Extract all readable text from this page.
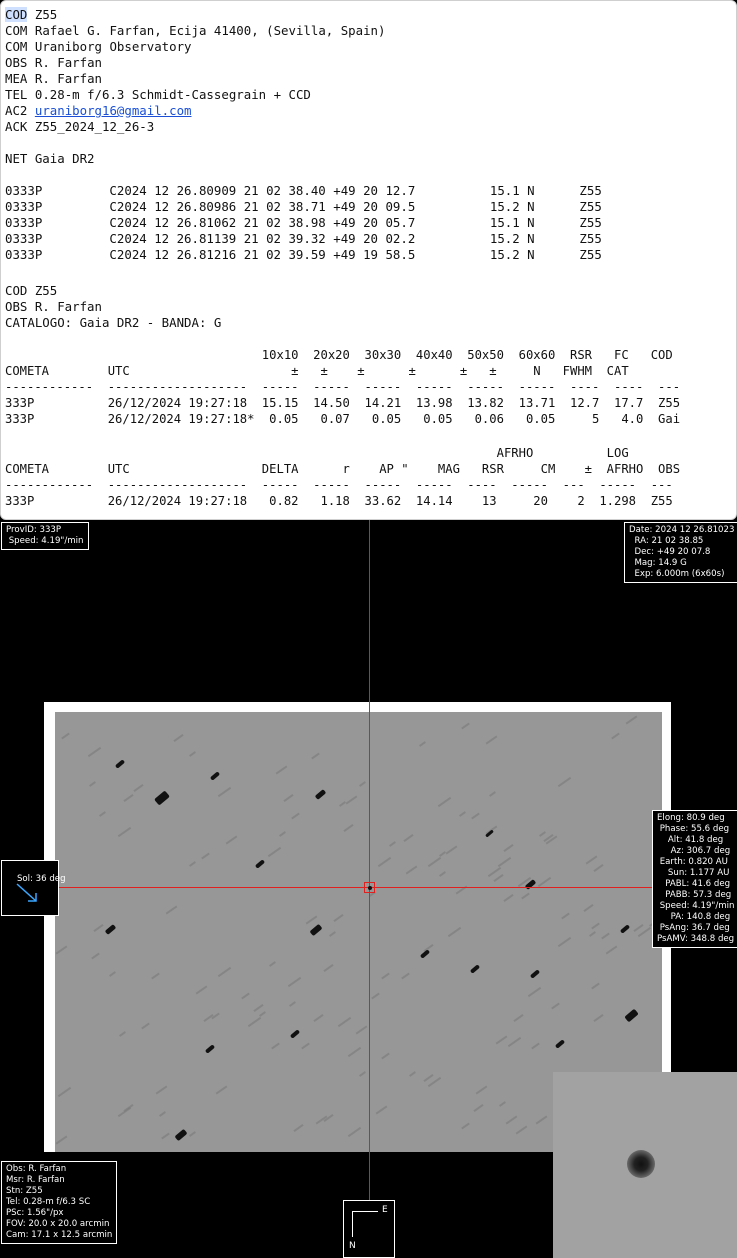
COD Z55
COM Rafael G. Farfan, Ecija 41400, (Sevilla, Spain)
COM Uraniborg Observatory
OBS R. Farfan
MEA R. Farfan
TEL 0.28-m f/6.3 Schmidt-Cassegrain + CCD
AC2 uraniborg16@gmail.com
ACK Z55_2024_12_26-3
NET Gaia DR2
0333P         C2024 12 26.80909 21 02 38.40 +49 20 12.7          15.1 N      Z55
0333P         C2024 12 26.80986 21 02 38.71 +49 20 09.5          15.2 N      Z55
0333P         C2024 12 26.81062 21 02 38.98 +49 20 05.7          15.1 N      Z55
0333P         C2024 12 26.81139 21 02 39.32 +49 20 02.2          15.2 N      Z55
0333P         C2024 12 26.81216 21 02 39.59 +49 19 58.5          15.2 N      Z55
COD Z55
OBS R. Farfan
CATALOGO: Gaia DR2 - BANDA: G
10x10  20x20  30x30  40x40  50x50  60x60  RSR   FC   COD
COMETA        UTC                      ±   ±    ±      ±      ±   ±     N   FWHM  CAT
------------  -------------------  -----  -----  -----  -----  -----  -----  ----  ----  ---
333P          26/12/2024 19:27:18  15.15  14.50  14.21  13.98  13.82  13.71  12.7  17.7  Z55
333P          26/12/2024 19:27:18*  0.05   0.07   0.05   0.05   0.06   0.05     5   4.0  Gai
AFRHO          LOG
COMETA        UTC                  DELTA      r    AP "    MAG   RSR     CM    ±  AFRHO  OBS
------------  -------------------  -----  -----  -----  -----  ----  -----  ---  -----  ---
333P          26/12/2024 19:27:18   0.82   1.18  33.62  14.14    13     20    2  1.298  Z55
ProvID: 333P
Speed: 4.19"/min
Date: 2024 12 26.81023
RA: 21 02 38.85
Dec: +49 20 07.8
Mag: 14.9 G
Exp: 6.000m (6x60s)
Elong: 80.9 deg
Phase: 55.6 deg
Alt: 41.8 deg
Az: 306.7 deg
Earth: 0.820 AU
Sun: 1.177 AU
PABL: 41.6 deg
PABB: 57.3 deg
Speed: 4.19"/min
PA: 140.8 deg
PsAng: 36.7 deg
PsAMV: 348.8 deg

Sol: 36 deg

Obs: R. Farfan
Msr: R. Farfan
Stn: Z55
Tel: 0.28-m f/6.3 SC
PSc: 1.56"/px
FOV: 20.0 x 20.0 arcmin
Cam: 17.1 x 12.5 arcmin
E
N
